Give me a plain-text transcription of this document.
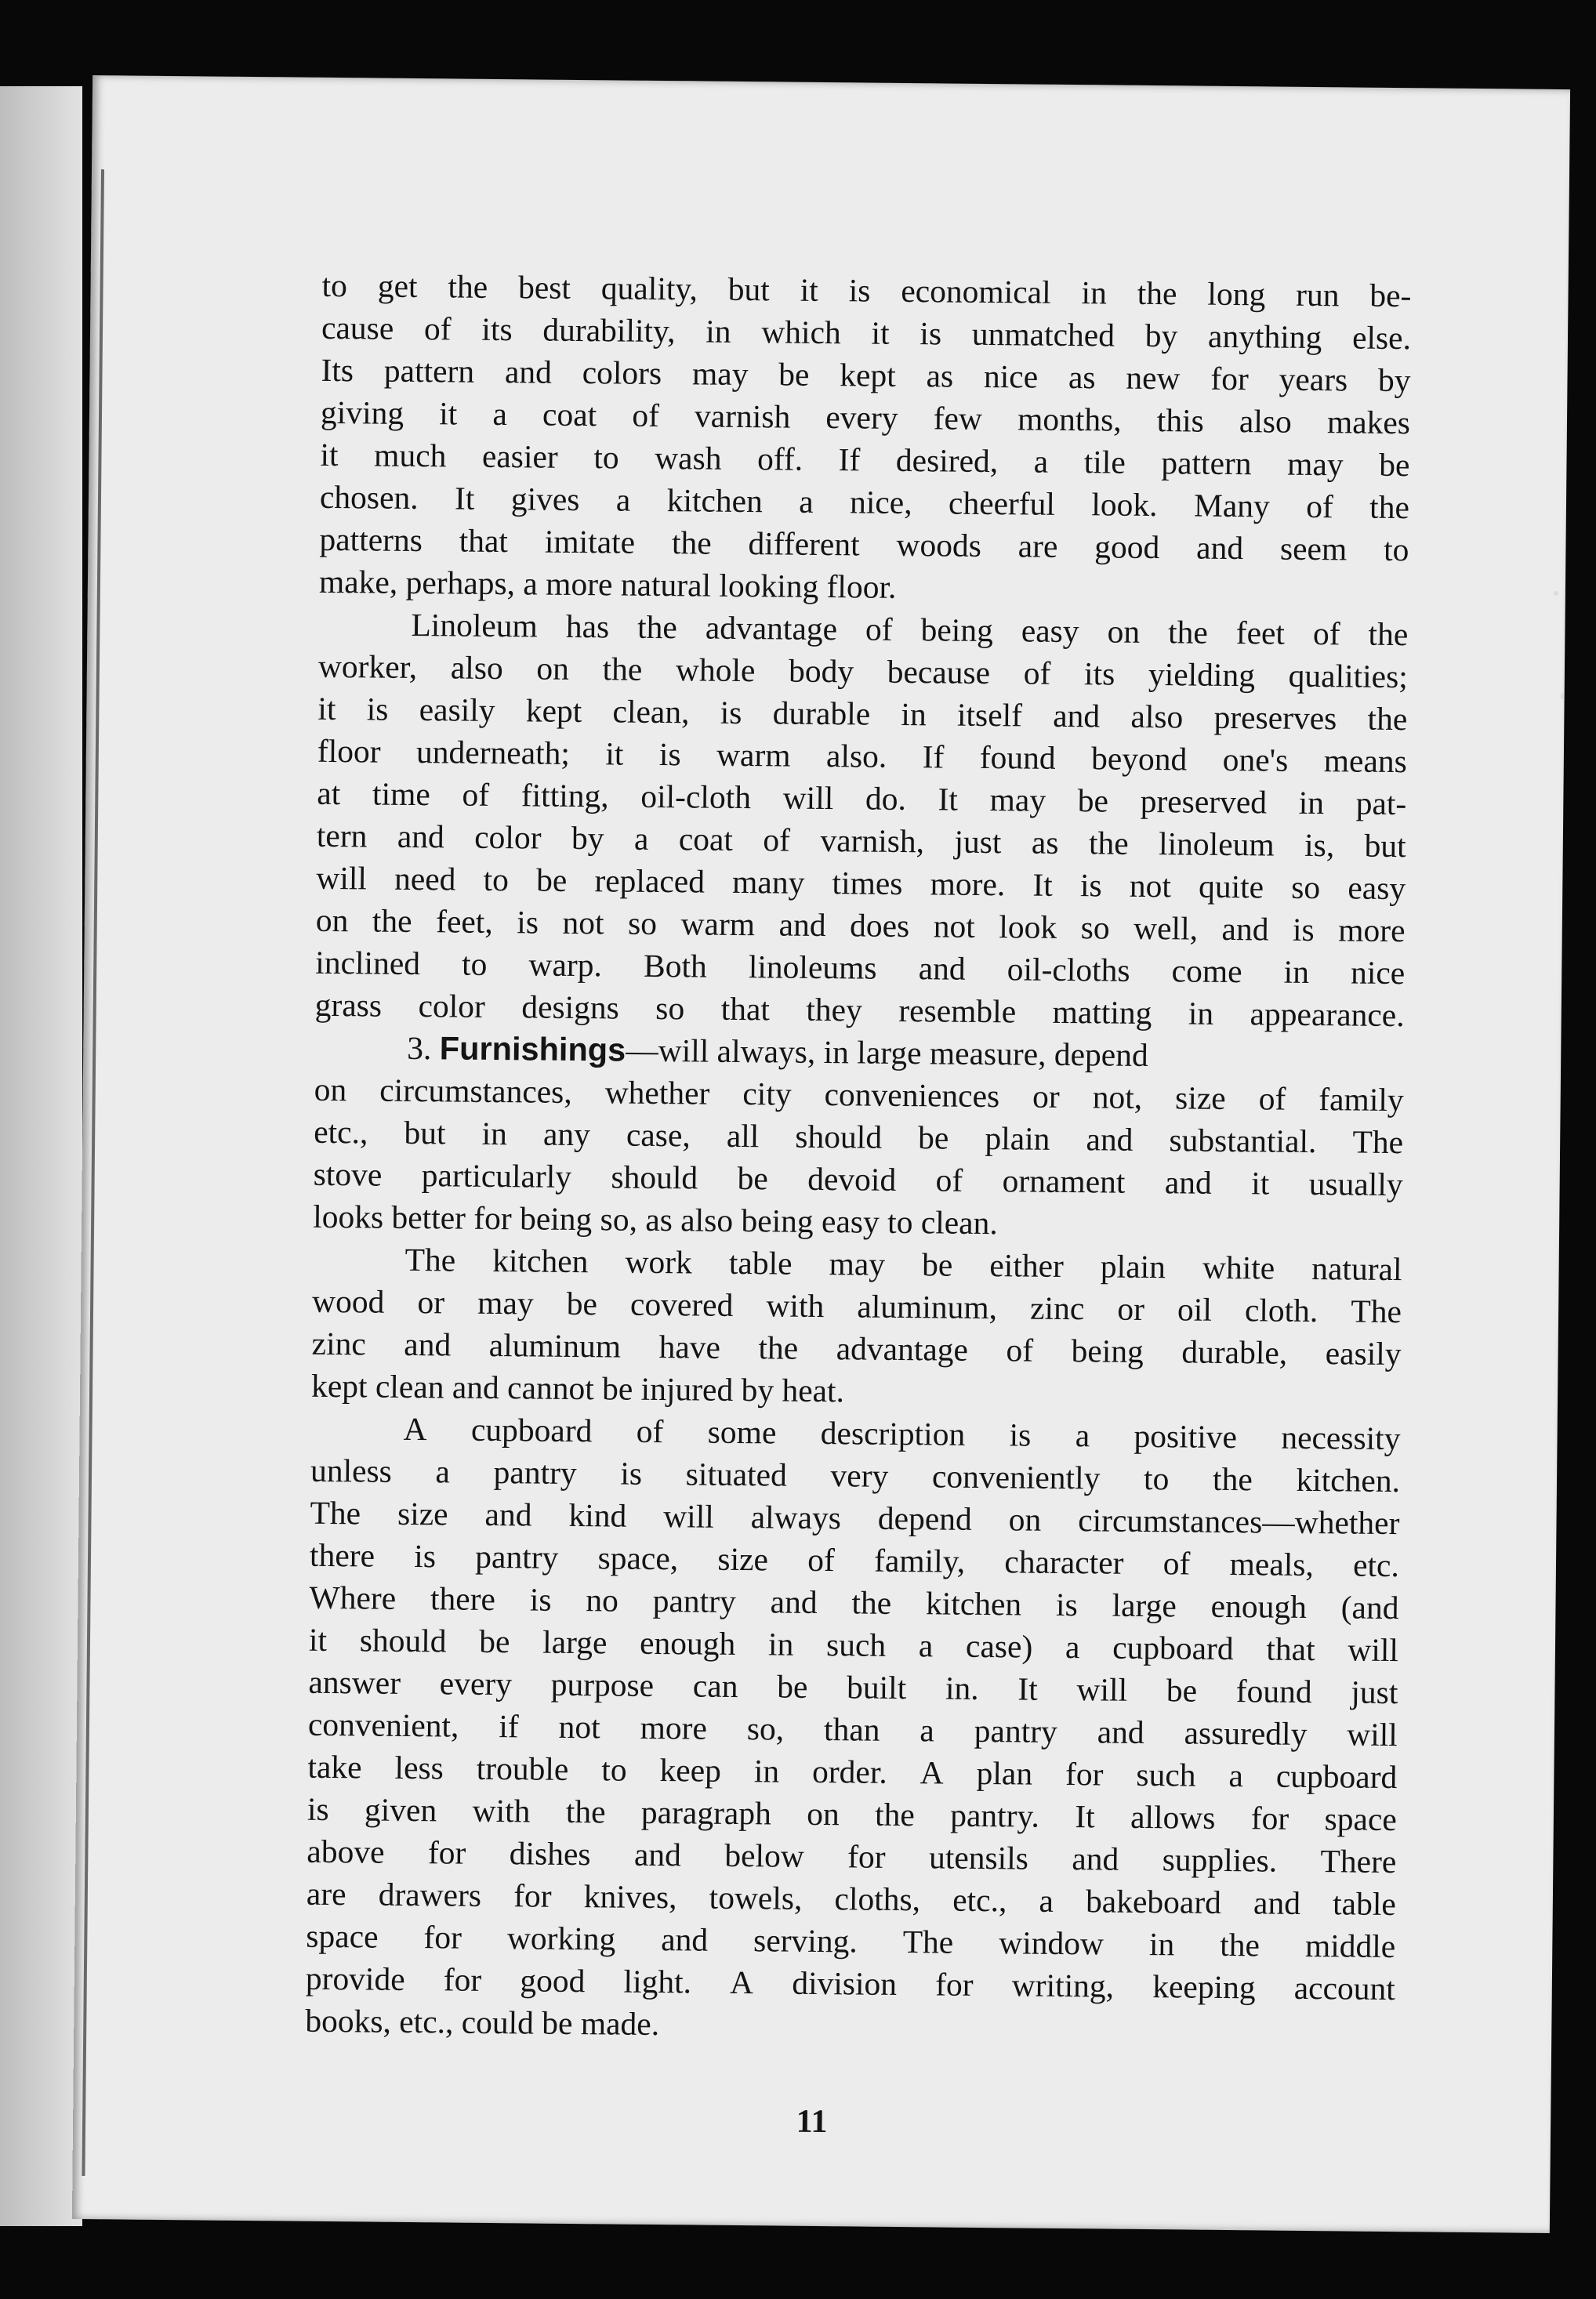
to get the best quality, but it is economical in the long run be-
cause of its durability, in which it is unmatched by anything else.
Its pattern and colors may be kept as nice as new for years by
giving it a coat of varnish every few months, this also makes
it much easier to wash off. If desired, a tile pattern may be
chosen. It gives a kitchen a nice, cheerful look. Many of the
patterns that imitate the different woods are good and seem to
make, perhaps, a more natural looking floor.
Linoleum has the advantage of being easy on the feet of the
worker, also on the whole body because of its yielding qualities;
it is easily kept clean, is durable in itself and also preserves the
floor underneath; it is warm also. If found beyond one's means
at time of fitting, oil-cloth will do. It may be preserved in pat-
tern and color by a coat of varnish, just as the linoleum is, but
will need to be replaced many times more. It is not quite so easy
on the feet, is not so warm and does not look so well, and is more
inclined to warp. Both linoleums and oil-cloths come in nice
grass color designs so that they resemble matting in appearance.
3.
Furnishings —will always, in large measure, depend
on circumstances, whether city conveniences or not, size of family
etc., but in any case, all should be plain and substantial. The
stove particularly should be devoid of ornament and it usually
looks better for being so, as also being easy to clean.
The kitchen work table may be either plain white natural
wood or may be covered with aluminum, zinc or oil cloth. The
zinc and aluminum have the advantage of being durable, easily
kept clean and cannot be injured by heat.
A cupboard of some description is a positive necessity
unless a pantry is situated very conveniently to the kitchen.
The size and kind will always depend on circumstances—whether
there is pantry space, size of family, character of meals, etc.
Where there is no pantry and the kitchen is large enough (and
it should be large enough in such a case) a cupboard that will
answer every purpose can be built in. It will be found just
convenient, if not more so, than a pantry and assuredly will
take less trouble to keep in order. A plan for such a cupboard
is given with the paragraph on the pantry. It allows for space
above for dishes and below for utensils and supplies. There
are drawers for knives, towels, cloths, etc., a bakeboard and table
space for working and serving. The window in the middle
provide for good light. A division for writing, keeping account
books, etc., could be made.
11
